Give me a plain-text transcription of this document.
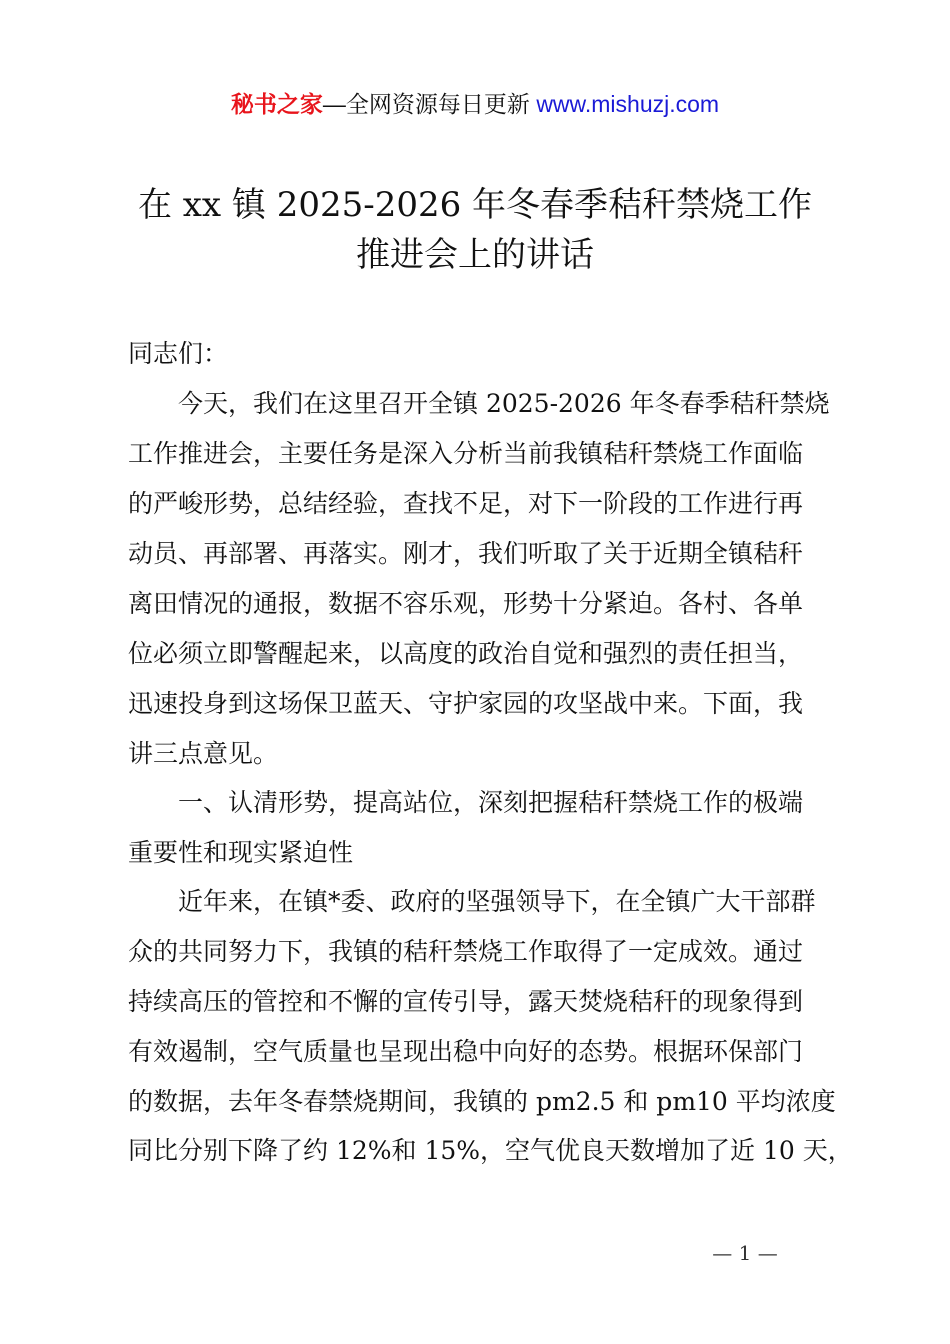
秘书之家—全网资源每日更新 www.mishuzj.com
在 xx 镇 2025-2026 年冬春季秸秆禁烧工作
推进会上的讲话
同志们：
今天，我们在这里召开全镇 2025-2026 年冬春季秸秆禁烧
工作推进会，主要任务是深入分析当前我镇秸秆禁烧工作面临
的严峻形势，总结经验，查找不足，对下一阶段的工作进行再
动员、再部署、再落实。刚才，我们听取了关于近期全镇秸秆
离田情况的通报，数据不容乐观，形势十分紧迫。各村、各单
位必须立即警醒起来，以高度的政治自觉和强烈的责任担当，
迅速投身到这场保卫蓝天、守护家园的攻坚战中来。下面，我
讲三点意见。
一、认清形势，提高站位，深刻把握秸秆禁烧工作的极端
重要性和现实紧迫性
近年来，在镇*委、政府的坚强领导下，在全镇广大干部群
众的共同努力下，我镇的秸秆禁烧工作取得了一定成效。通过
持续高压的管控和不懈的宣传引导，露天焚烧秸秆的现象得到
有效遏制，空气质量也呈现出稳中向好的态势。根据环保部门
的数据，去年冬春禁烧期间，我镇的 pm2.5 和 pm10 平均浓度
同比分别下降了约 12%和 15%，空气优良天数增加了近 10 天，
— 1 —
